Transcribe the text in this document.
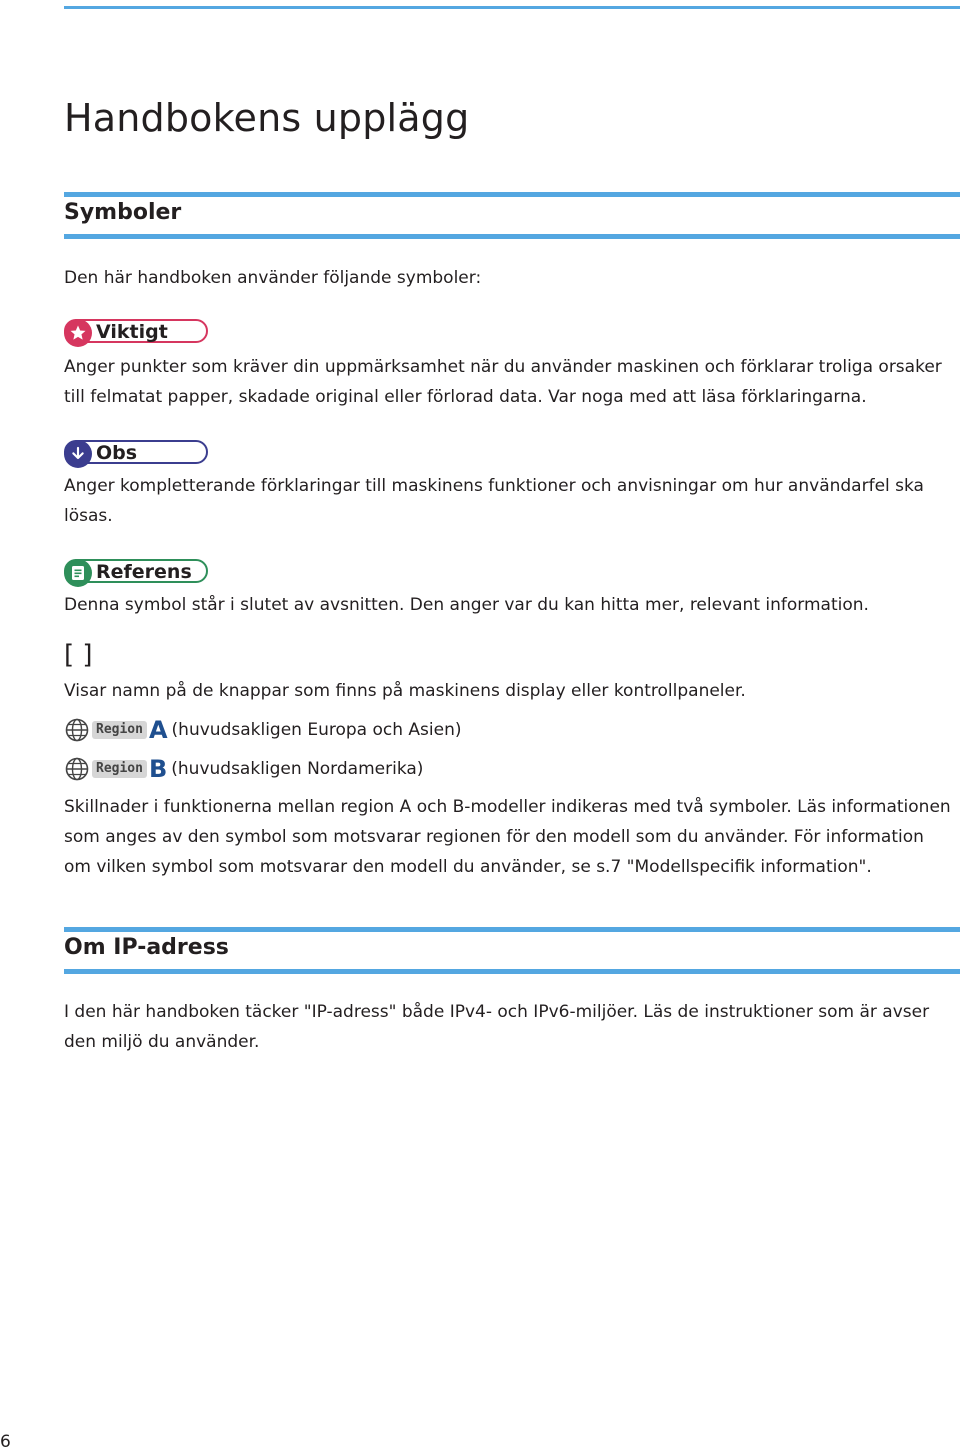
Handbokens upplägg
Symboler

Den här handboken använder följande symboler:

Viktigt

Anger punkter som kräver din uppmärksamhet när du använder maskinen och förklarar troliga orsaker till felmatat papper, skadade original eller förlorad data. Var noga med att läsa förklaringarna.

Obs

Anger kompletterande förklaringar till maskinens funktioner och anvisningar om hur användarfel ska lösas.

Referens

Denna symbol står i slutet av avsnitten. Den anger var du kan hitta mer, relevant information.

[ ]

Visar namn på de knappar som finns på maskinens display eller kontrollpaneler.

Region A (huvudsakligen Europa och Asien)
Region B (huvudsakligen Nordamerika)

Skillnader i funktionerna mellan region A och B-modeller indikeras med två symboler. Läs informationen som anges av den symbol som motsvarar regionen för den modell som du använder. För information om vilken symbol som motsvarar den modell du använder, se s.7 "Modellspecifik information".

Om IP-adress

I den här handboken täcker "IP-adress" både IPv4- och IPv6-miljöer. Läs de instruktioner som är avser den miljö du använder.

6
